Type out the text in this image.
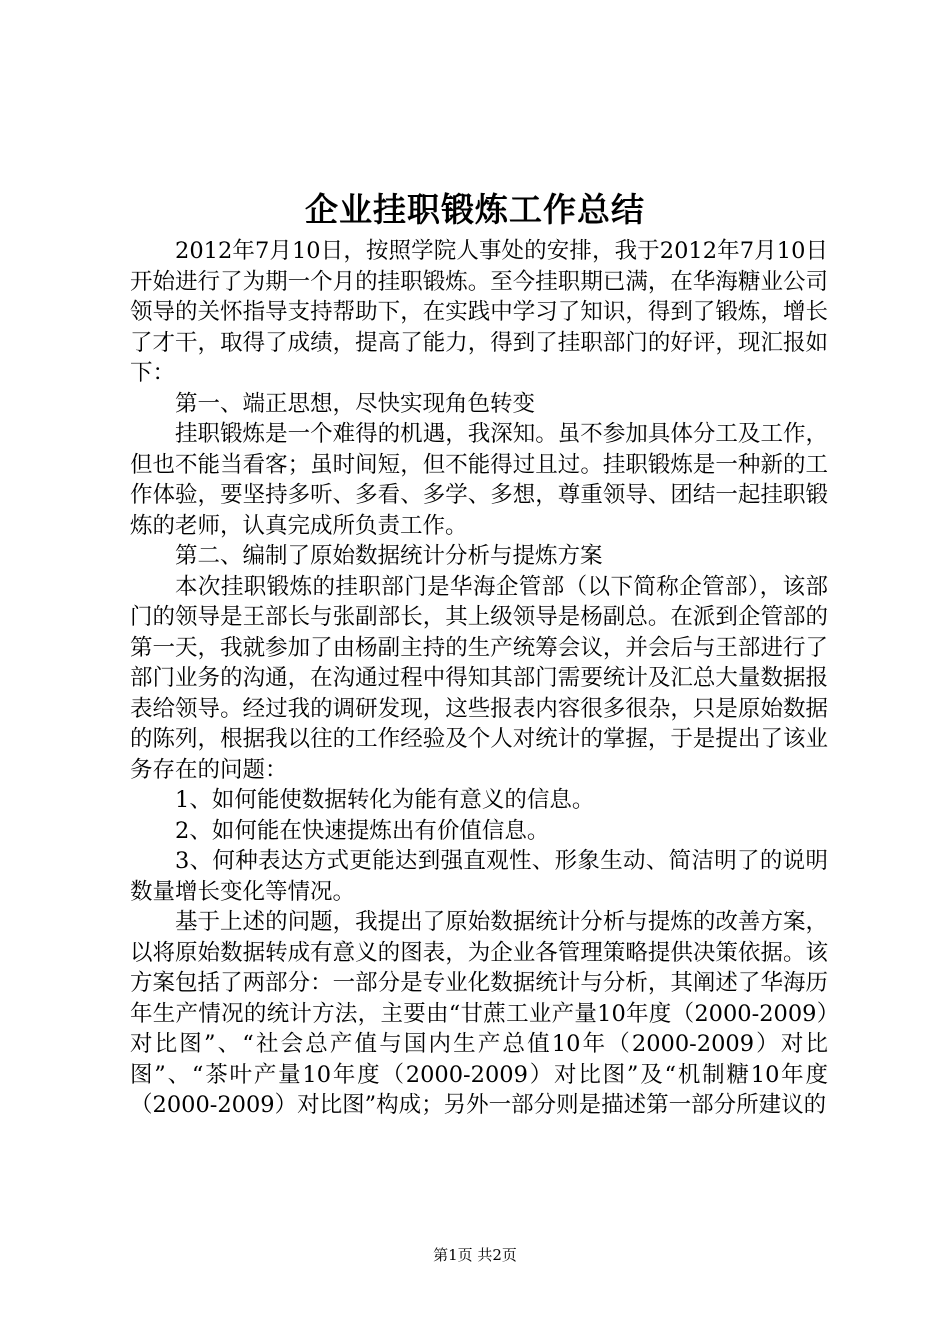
企业挂职锻炼工作总结

2012年7月10日，按照学院人事处的安排，我于2012年7月10日开始进行了为期一个月的挂职锻炼。至今挂职期已满，在华海糖业公司领导的关怀指导支持帮助下，在实践中学习了知识，得到了锻炼，增长了才干，取得了成绩，提高了能力，得到了挂职部门的好评，现汇报如下：

第一、端正思想，尽快实现角色转变

挂职锻炼是一个难得的机遇，我深知。虽不参加具体分工及工作，但也不能当看客；虽时间短，但不能得过且过。挂职锻炼是一种新的工作体验，要坚持多听、多看、多学、多想，尊重领导、团结一起挂职锻炼的老师，认真完成所负责工作。

第二、编制了原始数据统计分析与提炼方案

本次挂职锻炼的挂职部门是华海企管部（以下简称企管部），该部门的领导是王部长与张副部长，其上级领导是杨副总。在派到企管部的第一天，我就参加了由杨副主持的生产统筹会议，并会后与王部进行了部门业务的沟通，在沟通过程中得知其部门需要统计及汇总大量数据报表给领导。经过我的调研发现，这些报表内容很多很杂，只是原始数据的陈列，根据我以往的工作经验及个人对统计的掌握，于是提出了该业务存在的问题：

1、如何能使数据转化为能有意义的信息。

2、如何能在快速提炼出有价值信息。

3、何种表达方式更能达到强直观性、形象生动、简洁明了的说明数量增长变化等情况。

基于上述的问题，我提出了原始数据统计分析与提炼的改善方案，以将原始数据转成有意义的图表，为企业各管理策略提供决策依据。该方案包括了两部分：一部分是专业化数据统计与分析，其阐述了华海历年生产情况的统计方法，主要由“甘蔗工业产量10年度（2000-2009）对比图”、“社会总产值与国内生产总值10年（2000-2009）对比图”、“茶叶产量10年度（2000-2009）对比图”及“机制糖10年度（2000-2009）对比图”构成；另外一部分则是描述第一部分所建议的

第1页 共2页
